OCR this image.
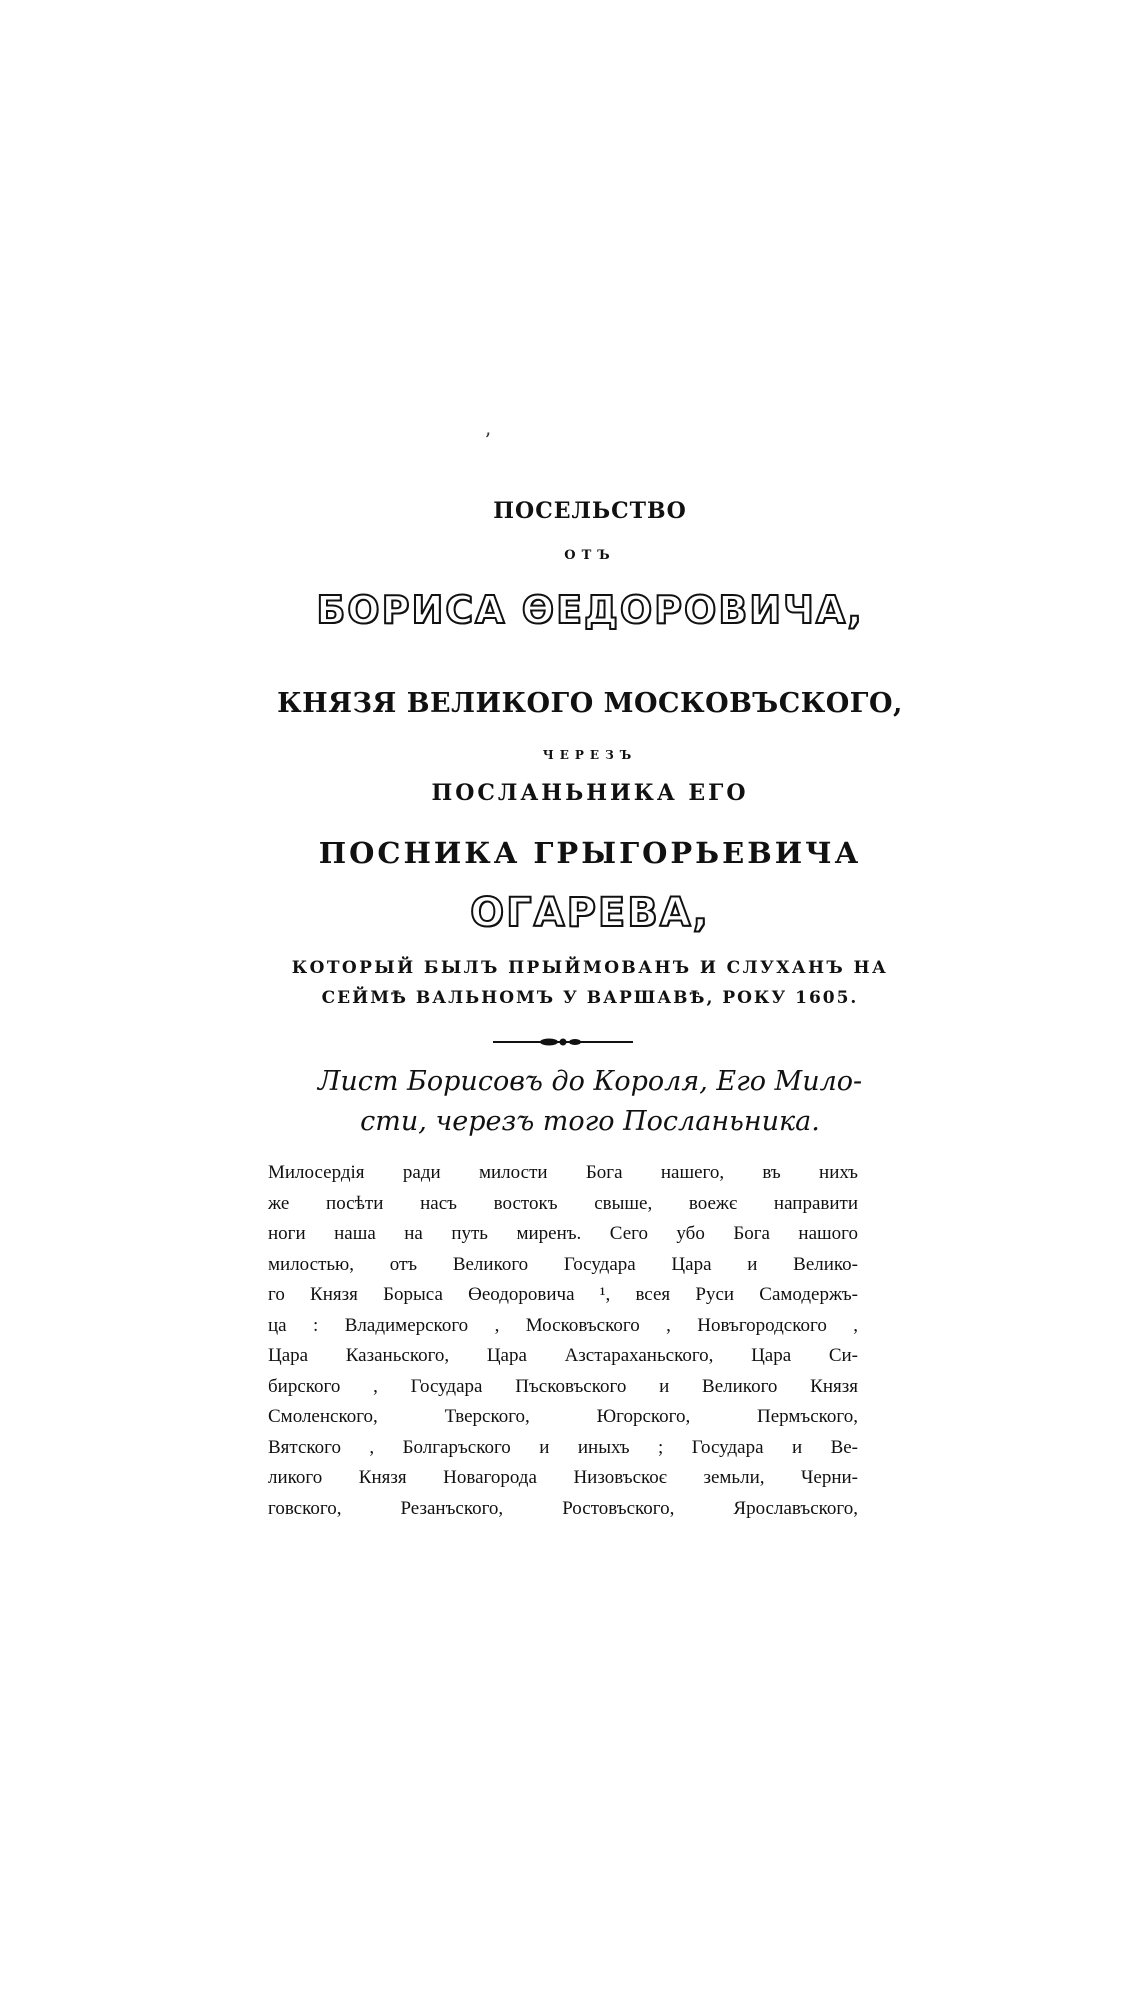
ʼ
ПОСЕЛЬСТВО
ОТЪ
БОРИСА ӨЕДОРОВИЧА,
КНЯЗЯ ВЕЛИКОГО МОСКОВЪСКОГО,
ЧЕРЕЗЪ
ПОСЛАНЬНИКА ЕГО
ПОСНИКА ГРЫГОРЬЕВИЧА
ОГАРЕВА,
КОТОРЫЙ БЫЛЪ ПРЫЙМОВАНЪ И СЛУХАНЪ НА
СЕЙМѢ ВАЛЬНОМЪ У ВАРШАВѢ, РОКУ 1605.
Лист Борисовъ до Короля, Его Мило-
сти, черезъ того Посланьника.
Милосердія ради милости Бога нашего, въ нихъ
же посѣти насъ востокъ свыше, воежє направити
ноги наша на путь миренъ. Сего убо Бога нашого
милостью, отъ Великого Государа Цара и Велико-
го Князя Борыса Өеодоровича ¹, всея Руси Самодержъ-
ца : Владимерского , Московъского , Новъгородского ,
Цара Казаньского, Цара Азстараханьского, Цара Си-
бирского , Государа Пъсковъского и Великого Князя
Смоленского, Тверского, Югорского, Пермъского,
Вятского , Болгаръского и иныхъ ; Государа и Ве-
ликого Князя Новагорода Низовъскоє земьли, Черни-
говского, Резанъского, Ростовъского, Ярославъского,
